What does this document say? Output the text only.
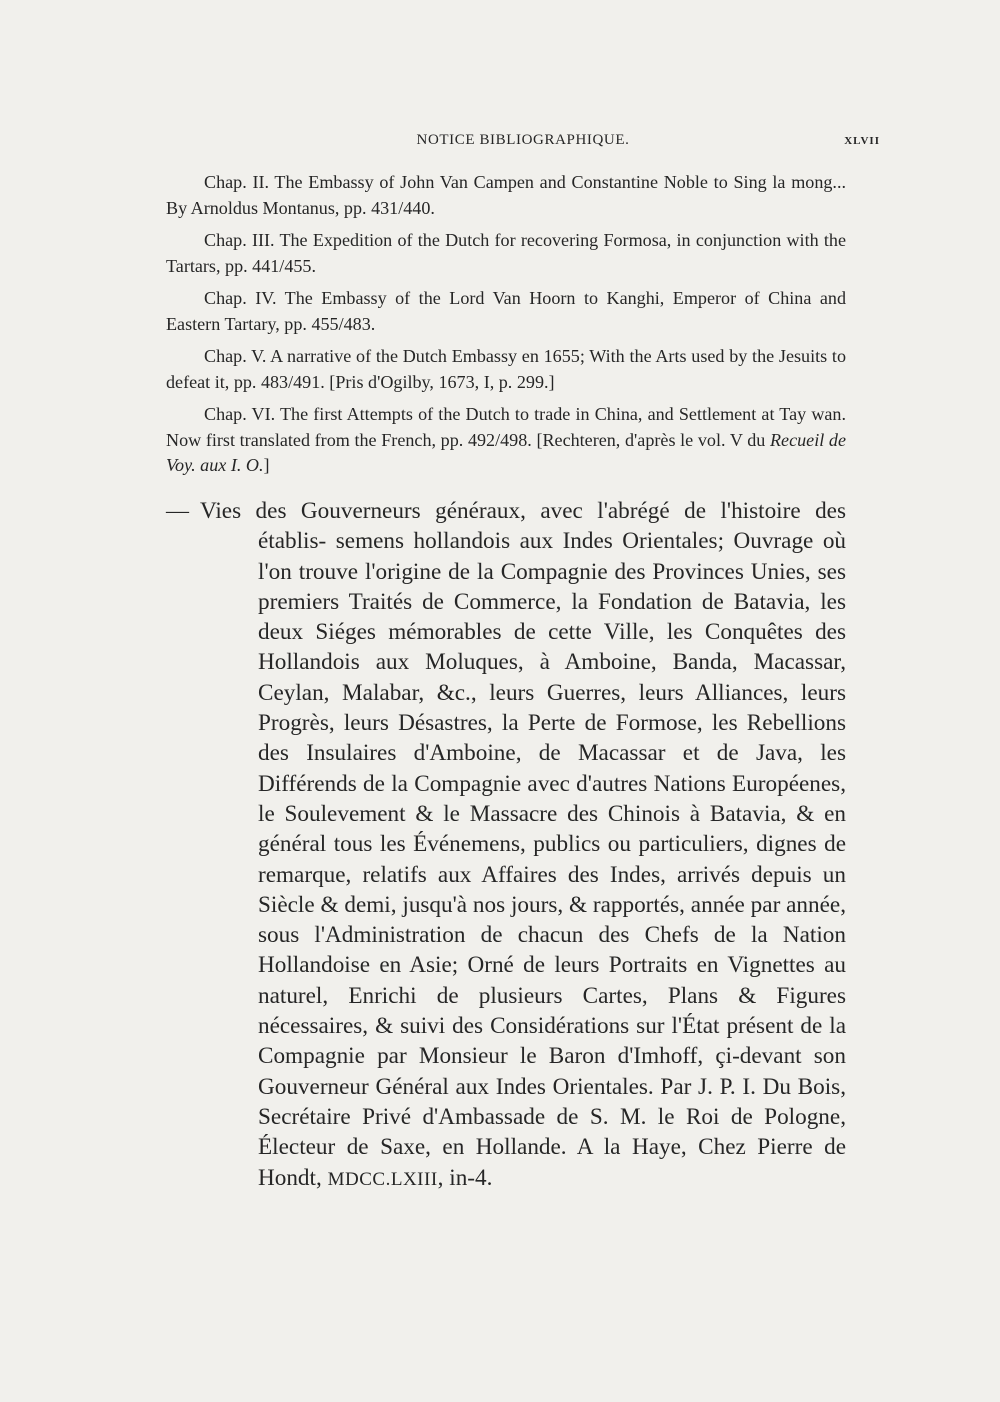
NOTICE BIBLIOGRAPHIQUE.	XLVII

Chap. II. The Embassy of John Van Campen and Constantine Noble to Sing la mong... By Arnoldus Montanus, pp. 431/440.

Chap. III. The Expedition of the Dutch for recovering Formosa, in conjunction with the Tartars, pp. 441/455.

Chap. IV. The Embassy of the Lord Van Hoorn to Kanghi, Emperor of China and Eastern Tartary, pp. 455/483.

Chap. V. A narrative of the Dutch Embassy en 1655; With the Arts used by the Jesuits to defeat it, pp. 483/491. [Pris d'Ogilby, 1673, I, p. 299.]

Chap. VI. The first Attempts of the Dutch to trade in China, and Settlement at Tay wan. Now first translated from the French, pp. 492/498. [Rechteren, d'après le vol. V du Recueil de Voy. aux I. O.]

— Vies des Gouverneurs généraux, avec l'abrégé de l'histoire des établis- semens hollandois aux Indes Orientales; Ouvrage où l'on trouve l'origine de la Compagnie des Provinces Unies, ses premiers Traités de Commerce, la Fondation de Batavia, les deux Siéges mémorables de cette Ville, les Conquêtes des Hollandois aux Moluques, à Amboine, Banda, Macassar, Ceylan, Malabar, &c., leurs Guerres, leurs Alliances, leurs Progrès, leurs Désastres, la Perte de Formose, les Rebellions des Insulaires d'Amboine, de Macassar et de Java, les Différends de la Compagnie avec d'autres Nations Européenes, le Soulevement & le Massacre des Chinois à Batavia, & en général tous les Événemens, publics ou particuliers, dignes de remarque, relatifs aux Affaires des Indes, arrivés depuis un Siècle & demi, jusqu'à nos jours, & rapportés, année par année, sous l'Administration de chacun des Chefs de la Nation Hollandoise en Asie; Orné de leurs Portraits en Vignettes au naturel, Enrichi de plusieurs Cartes, Plans & Figures nécessaires, & suivi des Considérations sur l'État présent de la Compagnie par Monsieur le Baron d'Imhoff, çi-devant son Gouverneur Général aux Indes Orientales. Par J. P. I. Du Bois, Secrétaire Privé d'Ambassade de S. M. le Roi de Pologne, Électeur de Saxe, en Hollande. A la Haye, Chez Pierre de Hondt, MDCC.LXIII, in-4.
